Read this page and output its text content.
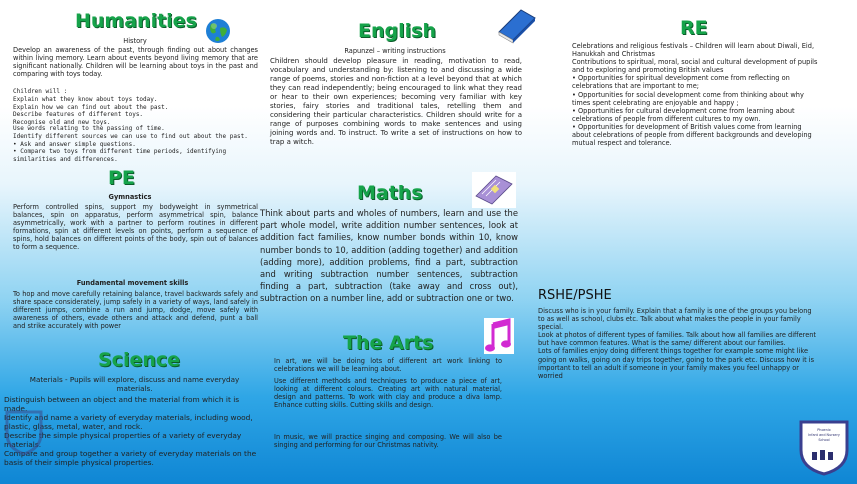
Humanities
History
Develop an awareness of the past, through finding out about changes within living memory. Learn about events beyond living memory that are significant nationally. Children will be learning about toys in the past and comparing with toys today.
Children will :
Explain what they know about toys today.
Explain how we can find out about the past.
Describe features of different toys.
Recognise old and new toys.
Use words relating to the passing of time.
Identify different sources we can use to find out about the past.
• Ask and answer simple questions.
• Compare two toys from different time periods, identifying similarities and differences.
PE
Gymnastics
Perform controlled spins, support my bodyweight in symmetrical balances, spin on apparatus, perform asymmetrical spin, balance asymmetrically, work with a partner to perform routines in different formations, spin at different levels on points, perform a sequence of spins, hold balances on different points of the body, spin out of balances to form a sequence.
Fundamental movement skills
To hop and move carefully retaining balance, travel backwards safely and share space considerately, jump safely in a variety of ways, land safely in different jumps, combine a run and jump, dodge, move safely with awareness of others, evade others and attack and defend, punt a ball and strike accurately with power
Science
Materials - Pupils will explore, discuss and name everyday materials.
Distinguish between an object and the material from which it is made.
Identify and name a variety of everyday materials, including wood, plastic, glass, metal, water, and rock.
Describe the simple physical properties of a variety of everyday materials.
Compare and group together a variety of everyday materials on the basis of their simple physical properties.
English
Rapunzel – writing instructions
Children should develop pleasure in reading, motivation to read, vocabulary and understanding by: listening to and discussing a wide range of poems, stories and non-fiction at a level beyond that at which they can read independently; being encouraged to link what they read or hear to their own experiences; becoming very familiar with key stories, fairy stories and traditional tales, retelling them and considering their particular characteristics. Children should write for a range of purposes combining words to make sentences and using joining words and. To instruct. To write a set of instructions on how to trap a witch.
Maths
Think about parts and wholes of numbers, learn and use the part whole model, write addition number sentences, look at addition fact families, know number bonds within 10, know number bonds to 10, addition (adding together) and addition (adding more), addition problems, find a part, subtraction and writing subtraction number sentences, subtraction finding a part, subtraction (take away and cross out), subtraction on a number line, add or subtraction one or two.
The Arts
In art, we will be doing lots of different art work linking to celebrations we will be learning about.
Use different methods and techniques to produce a piece of art, looking at different colours. Creating art with natural material, design and patterns. To work with clay and produce a diva lamp. Enhance cutting skills. Cutting skills and design.
In music, we will practice singing and composing. We will also be singing and performing for our Christmas nativity.
RE
Celebrations and religious festivals – Children will learn about Diwali, Eid, Hanukkah and Christmas
Contributions to spiritual, moral, social and cultural development of pupils and to exploring and promoting British values
• Opportunities for spiritual development come from reflecting on celebrations that are important to me;
• Opportunities for social development come from thinking about why times spent celebrating are enjoyable and happy ;
• Opportunities for cultural development come from learning about celebrations of people from different cultures to my own.
• Opportunities for development of British values come from learning about celebrations of people from different backgrounds and developing mutual respect and tolerance.
RSHE/PSHE
Discuss who is in your family. Explain that a family is one of the groups you belong to as well as school, clubs etc. Talk about what makes the people in your family special.
Look at photos of different types of families. Talk about how all families are different but have common features. What is the same/ different about our families.
Lots of families enjoy doing different things together for example some might like going on walks, going on day trips together, going to the park etc. Discuss how it is important to tell an adult if someone in your family makes you feel unhappy or worried
Phoenix
Infant and Nursery
School
